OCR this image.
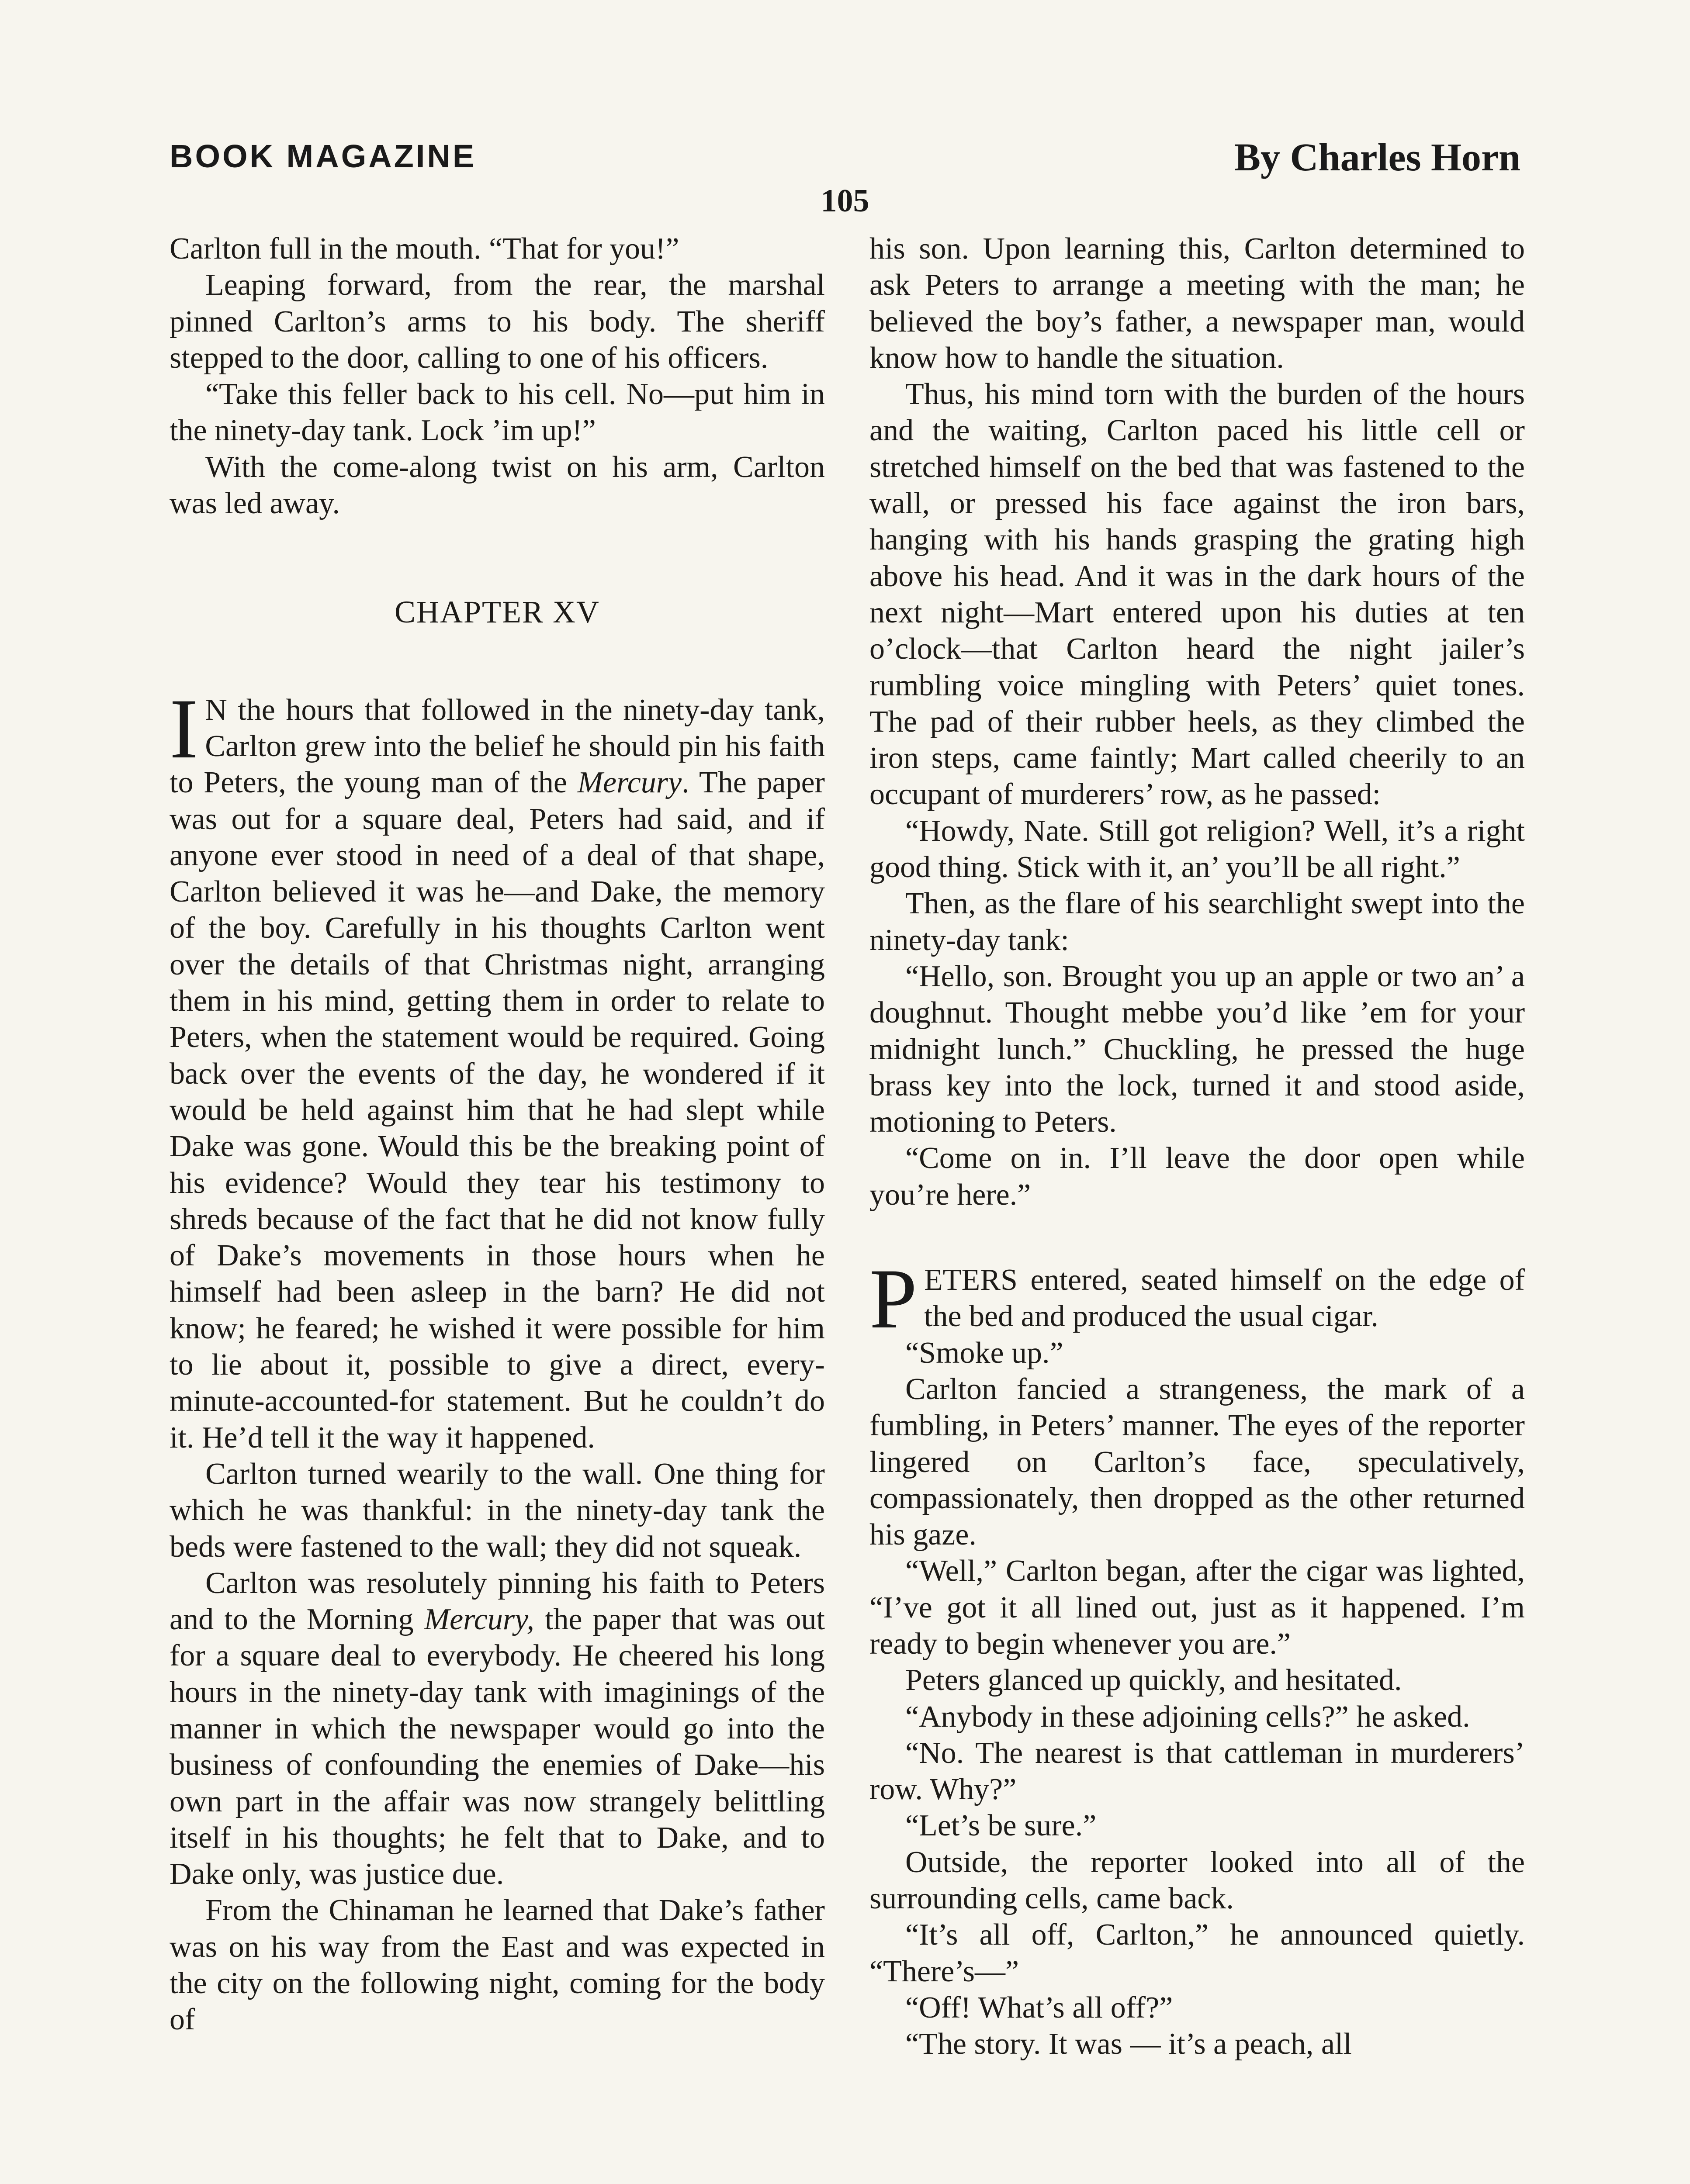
BOOK MAGAZINE	By Charles Horn
105

Carlton full in the mouth. “That for you!”

Leaping forward, from the rear, the marshal pinned Carlton’s arms to his body. The sheriff stepped to the door, calling to one of his officers.

“Take this feller back to his cell. No—put him in the ninety-day tank. Lock ’im up!”

With the come-along twist on his arm, Carlton was led away.

CHAPTER XV

I N the hours that followed in the ninety-day tank, Carlton grew into the belief he should pin his faith to Peters, the young man of the Mercury. The paper was out for a square deal, Peters had said, and if anyone ever stood in need of a deal of that shape, Carlton believed it was he—and Dake, the memory of the boy. Carefully in his thoughts Carlton went over the details of that Christmas night, arranging them in his mind, getting them in order to relate to Peters, when the statement would be required. Going back over the events of the day, he wondered if it would be held against him that he had slept while Dake was gone. Would this be the breaking point of his evidence? Would they tear his testimony to shreds because of the fact that he did not know fully of Dake’s movements in those hours when he himself had been asleep in the barn? He did not know; he feared; he wished it were possible for him to lie about it, possible to give a direct, every-minute-accounted-for statement. But he couldn’t do it. He’d tell it the way it happened.

Carlton turned wearily to the wall. One thing for which he was thankful: in the ninety-day tank the beds were fastened to the wall; they did not squeak.

Carlton was resolutely pinning his faith to Peters and to the Morning Mercury, the paper that was out for a square deal to everybody. He cheered his long hours in the ninety-day tank with imaginings of the manner in which the newspaper would go into the business of confounding the enemies of Dake—his own part in the affair was now strangely belittling itself in his thoughts; he felt that to Dake, and to Dake only, was justice due.

From the Chinaman he learned that Dake’s father was on his way from the East and was expected in the city on the following night, coming for the body of

his son. Upon learning this, Carlton determined to ask Peters to arrange a meeting with the man; he believed the boy’s father, a newspaper man, would know how to handle the situation.

Thus, his mind torn with the burden of the hours and the waiting, Carlton paced his little cell or stretched himself on the bed that was fastened to the wall, or pressed his face against the iron bars, hanging with his hands grasping the grating high above his head. And it was in the dark hours of the next night—Mart entered upon his duties at ten o’clock—that Carlton heard the night jailer’s rumbling voice mingling with Peters’ quiet tones. The pad of their rubber heels, as they climbed the iron steps, came faintly; Mart called cheerily to an occupant of murderers’ row, as he passed:

“Howdy, Nate. Still got religion? Well, it’s a right good thing. Stick with it, an’ you’ll be all right.”

Then, as the flare of his searchlight swept into the ninety-day tank:

“Hello, son. Brought you up an apple or two an’ a doughnut. Thought mebbe you’d like ’em for your midnight lunch.” Chuckling, he pressed the huge brass key into the lock, turned it and stood aside, motioning to Peters.

“Come on in. I’ll leave the door open while you’re here.”

PETERS entered, seated himself on the edge of the bed and produced the usual cigar.

“Smoke up.”

Carlton fancied a strangeness, the mark of a fumbling, in Peters’ manner. The eyes of the reporter lingered on Carlton’s face, speculatively, compassionately, then dropped as the other returned his gaze.

“Well,” Carlton began, after the cigar was lighted, “I’ve got it all lined out, just as it happened. I’m ready to begin whenever you are.”

Peters glanced up quickly, and hesitated.

“Anybody in these adjoining cells?” he asked.

“No. The nearest is that cattleman in murderers’ row. Why?”

“Let’s be sure.”

Outside, the reporter looked into all of the surrounding cells, came back.

“It’s all off, Carlton,” he announced quietly. “There’s—”

“Off! What’s all off?”

“The story. It was — it’s a peach, all
